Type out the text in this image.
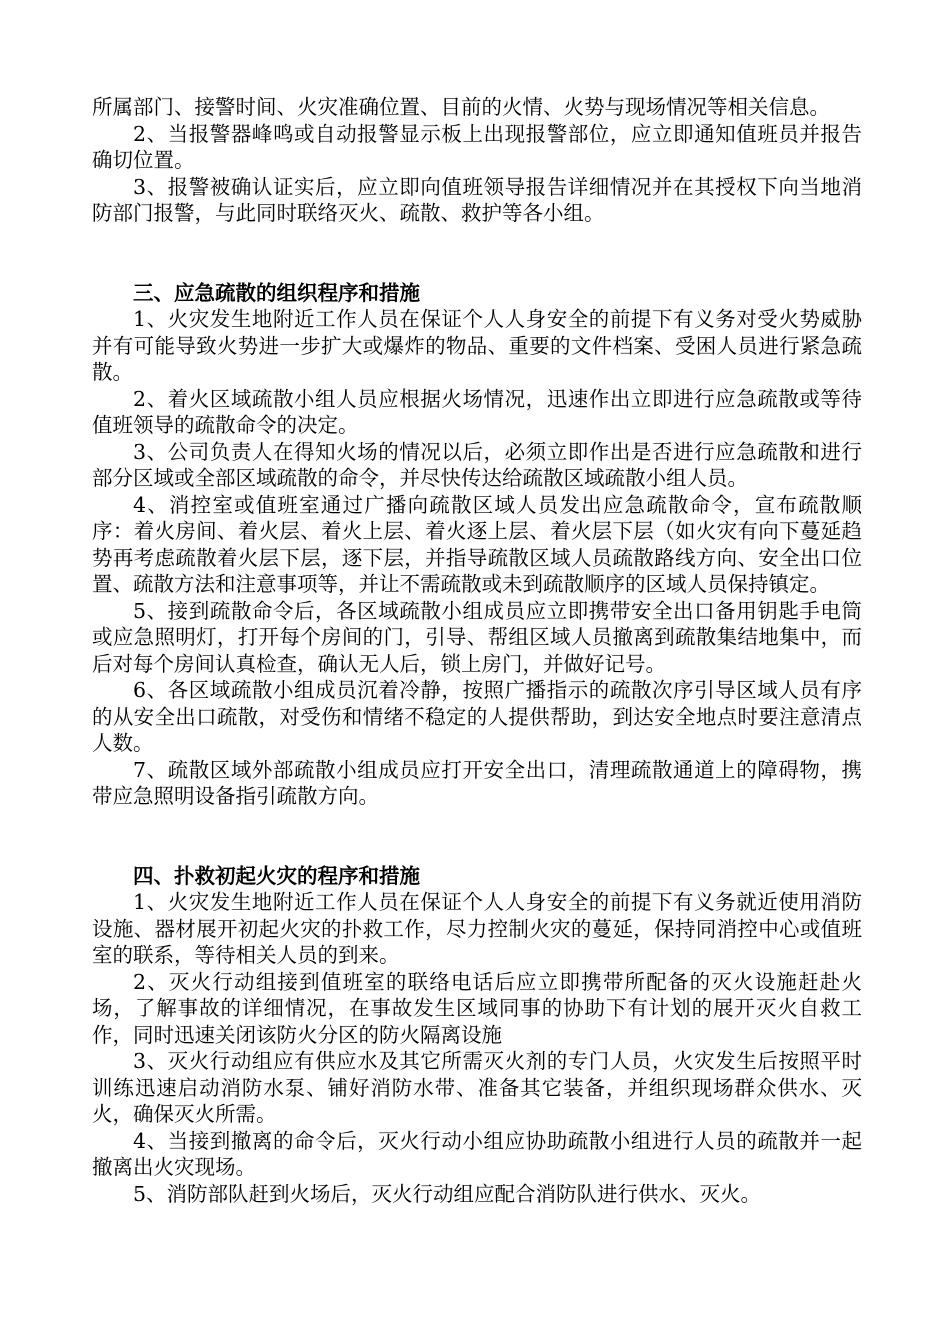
所属部门、接警时间、火灾准确位置、目前的火情、火势与现场情况等相关信息。

2、当报警器峰鸣或自动报警显示板上出现报警部位，应立即通知值班员并报告确切位置。

3、报警被确认证实后，应立即向值班领导报告详细情况并在其授权下向当地消防部门报警，与此同时联络灭火、疏散、救护等各小组。

三、应急疏散的组织程序和措施

1、火灾发生地附近工作人员在保证个人人身安全的前提下有义务对受火势威胁并有可能导致火势进一步扩大或爆炸的物品、重要的文件档案、受困人员进行紧急疏散。

2、着火区域疏散小组人员应根据火场情况，迅速作出立即进行应急疏散或等待值班领导的疏散命令的决定。

3、公司负责人在得知火场的情况以后，必须立即作出是否进行应急疏散和进行部分区域或全部区域疏散的命令，并尽快传达给疏散区域疏散小组人员。

4、消控室或值班室通过广播向疏散区域人员发出应急疏散命令，宣布疏散顺序：着火房间、着火层、着火上层、着火逐上层、着火层下层（如火灾有向下蔓延趋势再考虑疏散着火层下层，逐下层，并指导疏散区域人员疏散路线方向、安全出口位置、疏散方法和注意事项等，并让不需疏散或未到疏散顺序的区域人员保持镇定。

5、接到疏散命令后，各区域疏散小组成员应立即携带安全出口备用钥匙手电筒或应急照明灯，打开每个房间的门，引导、帮组区域人员撤离到疏散集结地集中，而后对每个房间认真检查，确认无人后，锁上房门，并做好记号。

6、各区域疏散小组成员沉着冷静，按照广播指示的疏散次序引导区域人员有序的从安全出口疏散，对受伤和情绪不稳定的人提供帮助，到达安全地点时要注意清点人数。

7、疏散区域外部疏散小组成员应打开安全出口，清理疏散通道上的障碍物，携带应急照明设备指引疏散方向。

四、扑救初起火灾的程序和措施

1、火灾发生地附近工作人员在保证个人人身安全的前提下有义务就近使用消防设施、器材展开初起火灾的扑救工作，尽力控制火灾的蔓延，保持同消控中心或值班室的联系，等待相关人员的到来。

2、灭火行动组接到值班室的联络电话后应立即携带所配备的灭火设施赶赴火场，了解事故的详细情况，在事故发生区域同事的协助下有计划的展开灭火自救工作，同时迅速关闭该防火分区的防火隔离设施

3、灭火行动组应有供应水及其它所需灭火剂的专门人员，火灾发生后按照平时训练迅速启动消防水泵、铺好消防水带、准备其它装备，并组织现场群众供水、灭火，确保灭火所需。

4、当接到撤离的命令后，灭火行动小组应协助疏散小组进行人员的疏散并一起撤离出火灾现场。

5、消防部队赶到火场后，灭火行动组应配合消防队进行供水、灭火。
